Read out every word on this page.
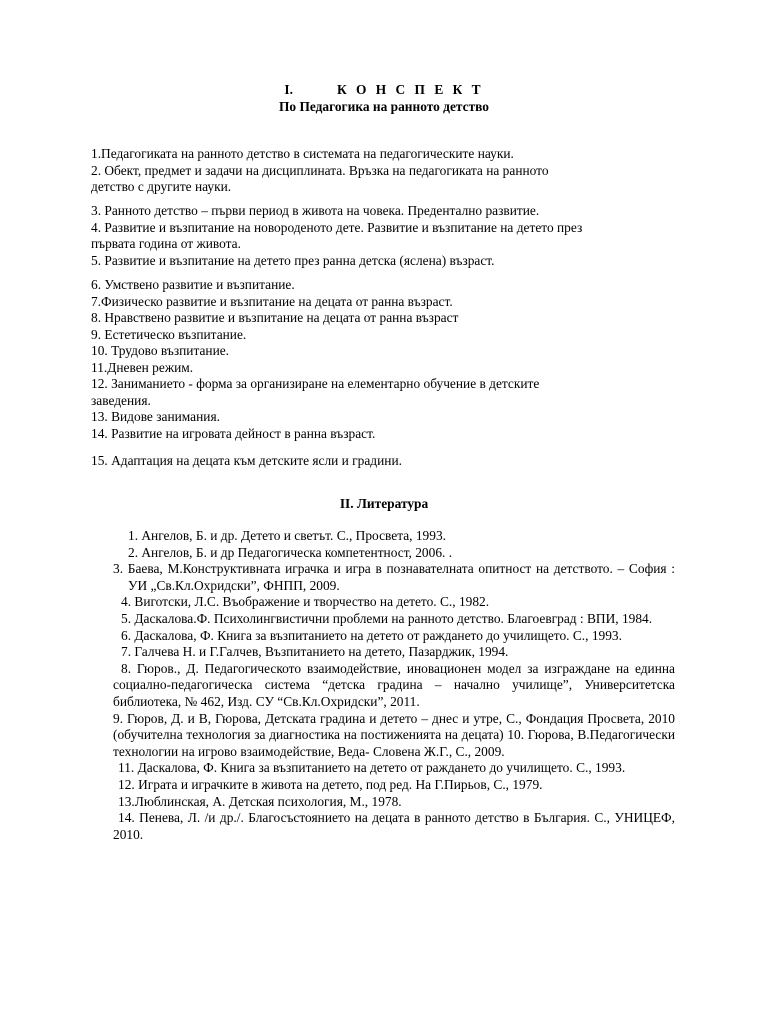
I.	К О Н С П Е К Т
По Педагогика на ранното детство
1.Педагогиката на ранното детство в системата на педагогическите науки.
2. Обект, предмет и задачи на дисциплината. Връзка на педагогиката на ранното
детство с другите науки.
3. Ранното детство – първи период в живота на човека. Предентално развитие.
4. Развитие и възпитание на новороденото дете. Развитие и възпитание на детето през
първата година от живота.
5. Развитие и възпитание на детето през ранна детска (яслена) възраст.
6. Умствено развитие и възпитание.
7.Физическо развитие и възпитание на децата от ранна възраст.
8. Нравствено развитие и възпитание на децата от ранна възраст
9. Естетическо възпитание.
10. Трудово възпитание.
11.Дневен режим.
12. Заниманието - форма за организиране на елементарно обучение в детските
заведения.
13. Видове занимания.
14. Развитие на игровата дейност в ранна възраст.
15. Адаптация на децата към детските ясли и градини.
II. Литература
1. Ангелов, Б. и др. Детето и светът. С., Просвета, 1993.
2. Ангелов, Б. и др Педагогическа компетентност, 2006. .
3. Баева, М.Конструктивната играчка и игра в познавателната опитност на детството. – София : УИ „Св.Кл.Охридски”, ФНПП, 2009.
4. Виготски, Л.С. Въображение и творчество на детето. С., 1982.
5. Даскалова.Ф. Психолингвистични проблеми на ранното детство. Благоевград : ВПИ, 1984.
6. Даскалова, Ф. Книга за възпитанието на детето от раждането до училището. С., 1993.
7. Галчева Н. и Г.Галчев, Възпитанието на детето, Пазарджик, 1994.
8. Гюров., Д. Педагогическото взаимодействие, иновационен модел за изграждане на единна социално-педагогическа система “детска градина – начално училище”, Университетска библиотека, № 462, Изд. СУ “Св.Кл.Охридски”, 2011.
9. Гюров, Д. и В, Гюрова, Детската градина и детето – днес и утре, С., Фондация Просвета, 2010 (обучителна технология за диагностика на постиженията на децата) 10. Гюрова, В.Педагогически технологии на игрово взаимодействие, Веда- Словена Ж.Г., С., 2009.
11. Даскалова, Ф. Книга за възпитанието на детето от раждането до училището. С., 1993.
12. Играта и играчките в живота на детето, под ред. На Г.Пирьов, С., 1979.
13.Люблинская, А. Детская психология, М., 1978.
14. Пенева, Л. /и др./. Благосъстоянието на децата в ранното детство в България. С., УНИЦЕФ, 2010.
